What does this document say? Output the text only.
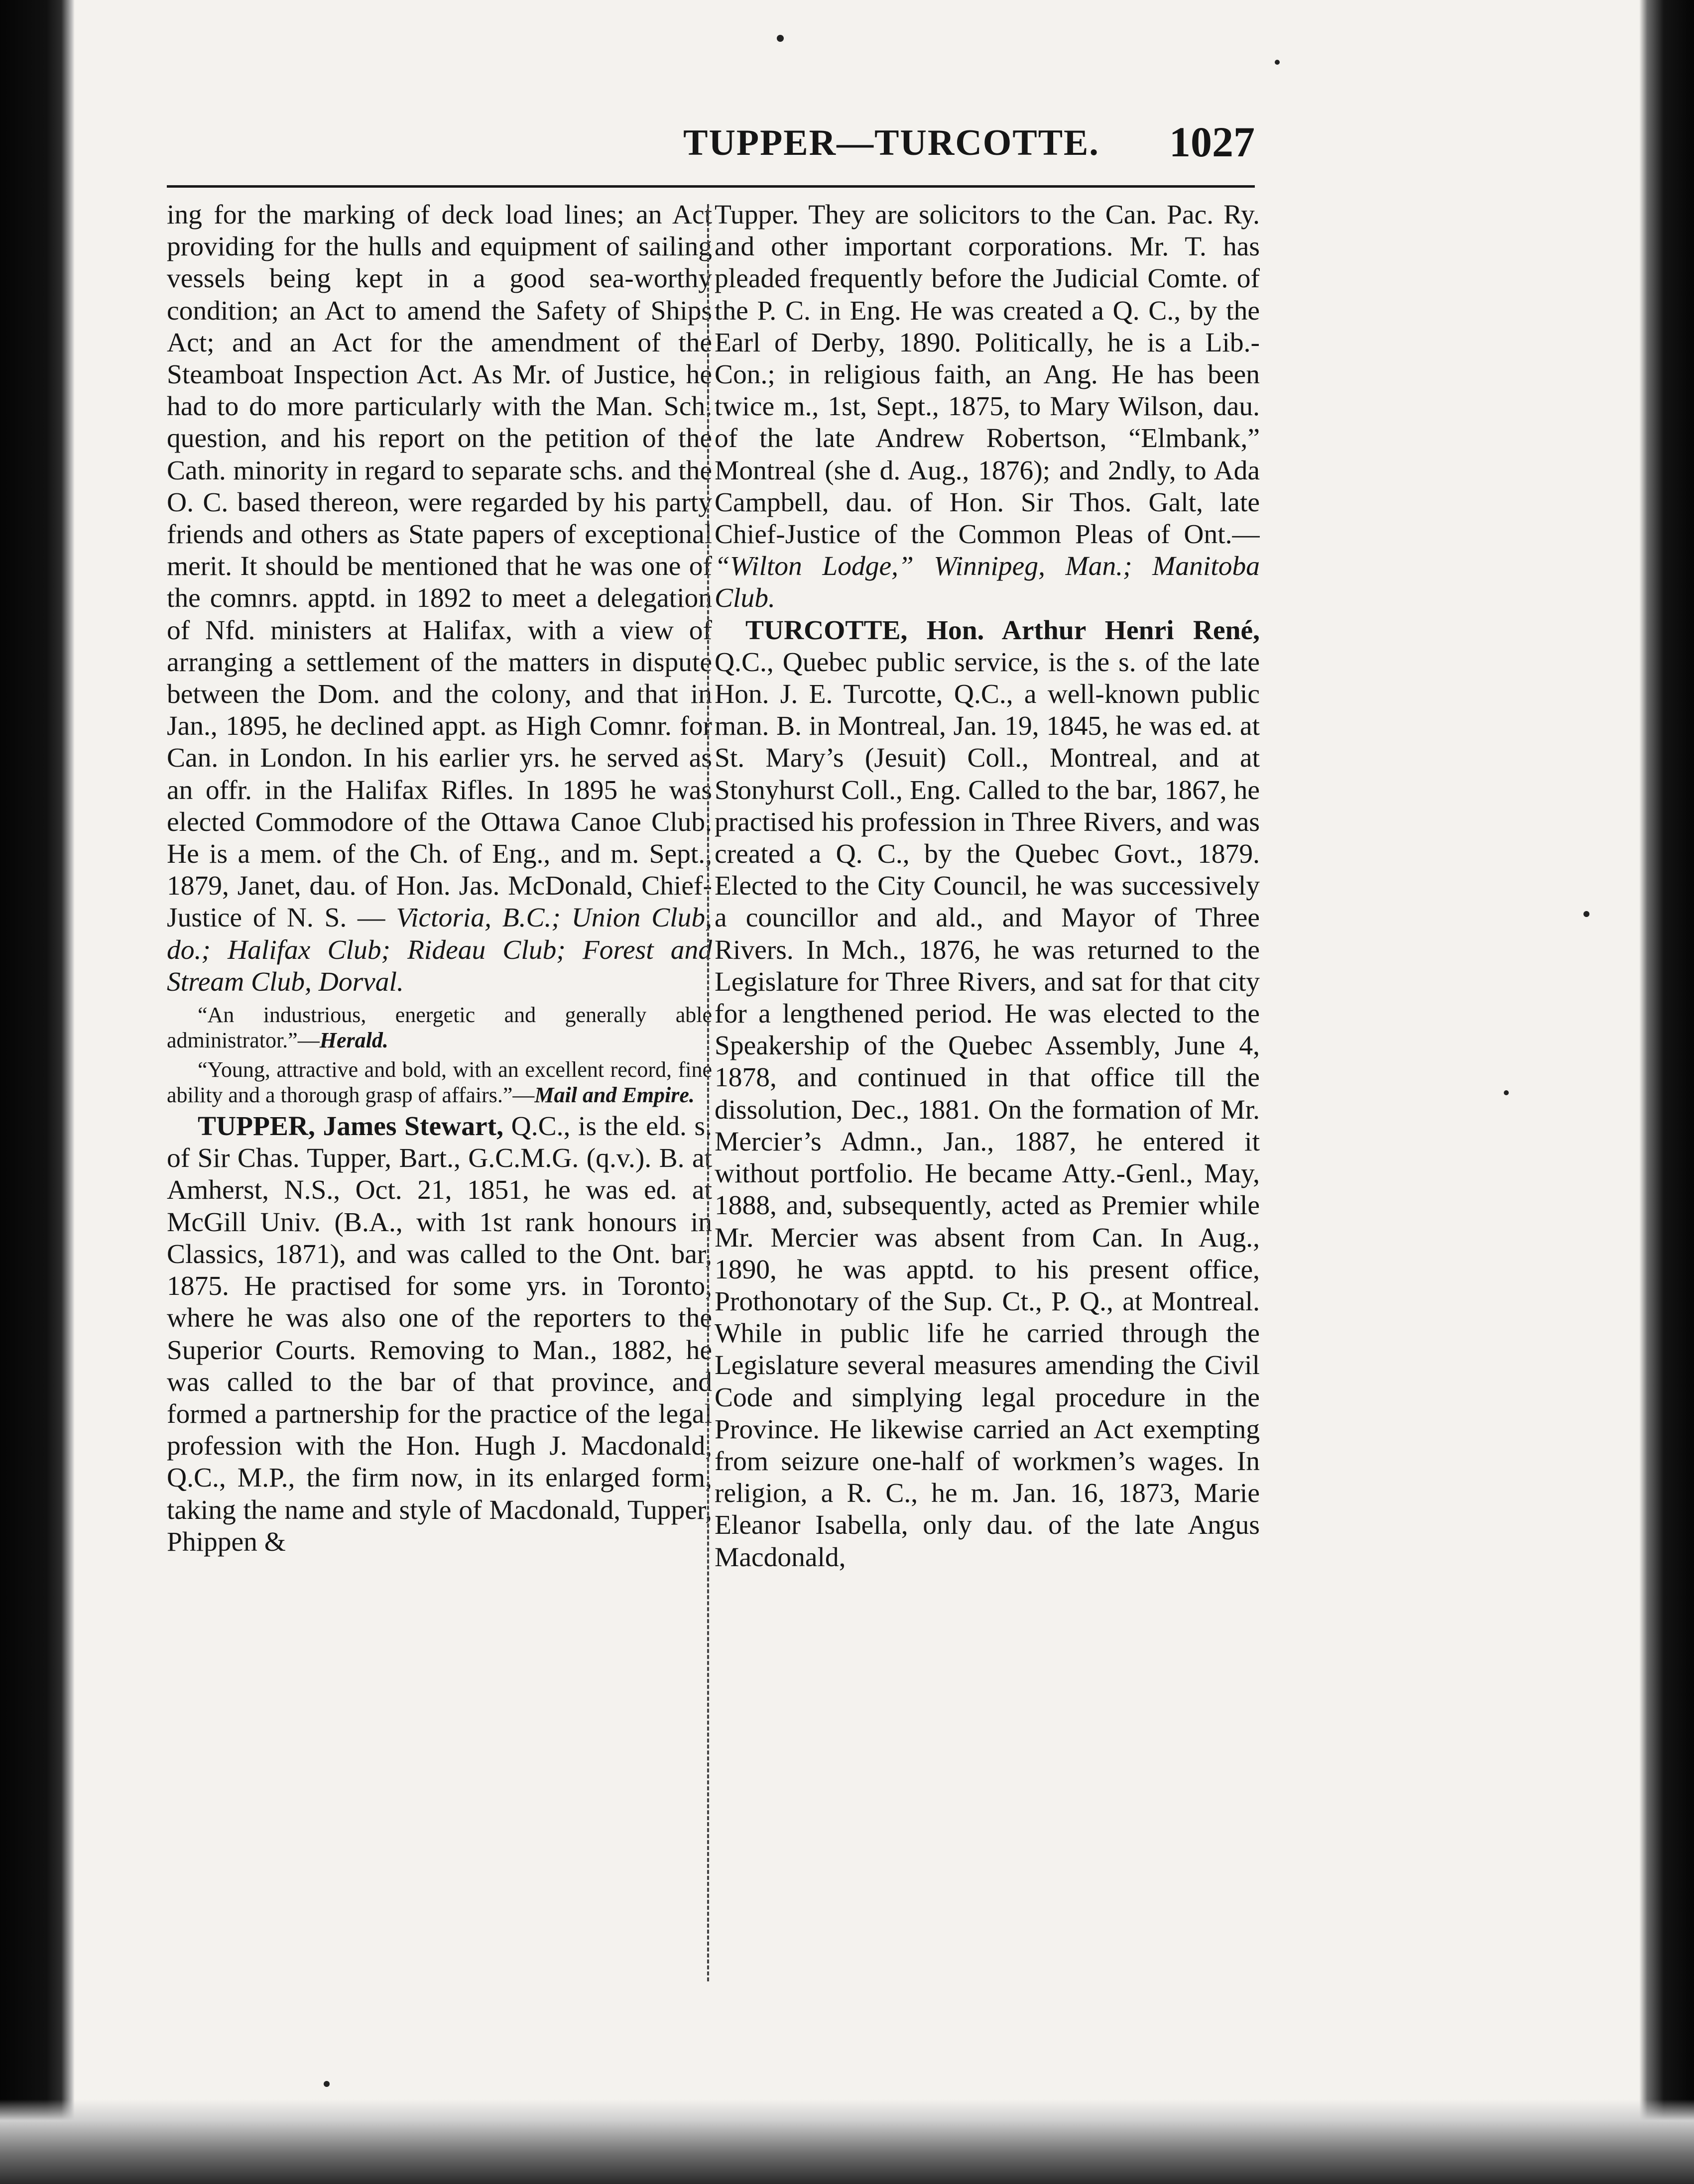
TUPPER—TURCOTTE.	1027

ing for the marking of deck load lines; an Act providing for the hulls and equipment of sailing vessels being kept in a good sea-worthy condition; an Act to amend the Safety of Ships Act; and an Act for the amendment of the Steamboat Inspection Act. As Mr. of Justice, he had to do more particularly with the Man. Sch. question, and his report on the petition of the Cath. minority in regard to separate schs. and the O. C. based thereon, were regarded by his party friends and others as State papers of exceptional merit. It should be mentioned that he was one of the comnrs. apptd. in 1892 to meet a delegation of Nfd. ministers at Halifax, with a view of arranging a settlement of the matters in dispute between the Dom. and the colony, and that in Jan., 1895, he declined appt. as High Comnr. for Can. in London. In his earlier yrs. he served as an offr. in the Halifax Rifles. In 1895 he was elected Commodore of the Ottawa Canoe Club. He is a mem. of the Ch. of Eng., and m. Sept., 1879, Janet, dau. of Hon. Jas. McDonald, Chief-Justice of N. S. — Victoria, B.C.; Union Club, do.; Halifax Club; Rideau Club; Forest and Stream Club, Dorval.

“An industrious, energetic and generally able administrator.”—Herald.

“Young, attractive and bold, with an excellent record, fine ability and a thorough grasp of affairs.”—Mail and Empire.

TUPPER, James Stewart, Q.C., is the eld. s. of Sir Chas. Tupper, Bart., G.C.M.G. (q.v.). B. at Amherst, N.S., Oct. 21, 1851, he was ed. at McGill Univ. (B.A., with 1st rank honours in Classics, 1871), and was called to the Ont. bar, 1875. He practised for some yrs. in Toronto, where he was also one of the reporters to the Superior Courts. Removing to Man., 1882, he was called to the bar of that province, and formed a partnership for the practice of the legal profession with the Hon. Hugh J. Macdonald, Q.C., M.P., the firm now, in its enlarged form, taking the name and style of Macdonald, Tupper, Phippen &

Tupper. They are solicitors to the Can. Pac. Ry. and other important corporations. Mr. T. has pleaded frequently before the Judicial Comte. of the P. C. in Eng. He was created a Q. C., by the Earl of Derby, 1890. Politically, he is a Lib.-Con.; in religious faith, an Ang. He has been twice m., 1st, Sept., 1875, to Mary Wilson, dau. of the late Andrew Robertson, “Elmbank,” Montreal (she d. Aug., 1876); and 2ndly, to Ada Campbell, dau. of Hon. Sir Thos. Galt, late Chief-Justice of the Common Pleas of Ont.— “Wilton Lodge,” Winnipeg, Man.; Manitoba Club.

TURCOTTE, Hon. Arthur Henri René, Q.C., Quebec public service, is the s. of the late Hon. J. E. Turcotte, Q.C., a well-known public man. B. in Montreal, Jan. 19, 1845, he was ed. at St. Mary’s (Jesuit) Coll., Montreal, and at Stonyhurst Coll., Eng. Called to the bar, 1867, he practised his profession in Three Rivers, and was created a Q. C., by the Quebec Govt., 1879. Elected to the City Council, he was successively a councillor and ald., and Mayor of Three Rivers. In Mch., 1876, he was returned to the Legislature for Three Rivers, and sat for that city for a lengthened period. He was elected to the Speakership of the Quebec Assembly, June 4, 1878, and continued in that office till the dissolution, Dec., 1881. On the formation of Mr. Mercier’s Admn., Jan., 1887, he entered it without portfolio. He became Atty.-Genl., May, 1888, and, subsequently, acted as Premier while Mr. Mercier was absent from Can. In Aug., 1890, he was apptd. to his present office, Prothonotary of the Sup. Ct., P. Q., at Montreal. While in public life he carried through the Legislature several measures amending the Civil Code and simplying legal procedure in the Province. He likewise carried an Act exempting from seizure one-half of workmen’s wages. In religion, a R. C., he m. Jan. 16, 1873, Marie Eleanor Isabella, only dau. of the late Angus Macdonald,
